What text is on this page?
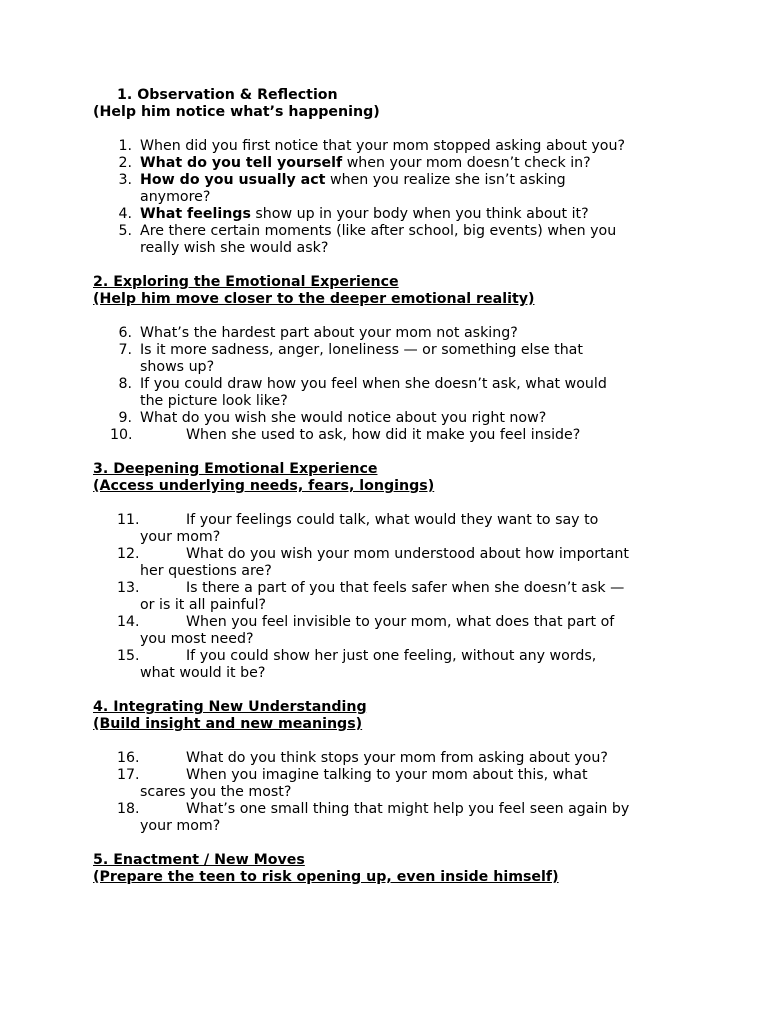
1. Observation & Reflection
(Help him notice what’s happening)
1. When did you first notice that your mom stopped asking about you?
2. What do you tell yourself when your mom doesn’t check in?
3. How do you usually act when you realize she isn’t asking
anymore?
4. What feelings show up in your body when you think about it?
5. Are there certain moments (like after school, big events) when you
really wish she would ask?
2. Exploring the Emotional Experience
(Help him move closer to the deeper emotional reality)
6. What’s the hardest part about your mom not asking?
7. Is it more sadness, anger, loneliness — or something else that
shows up?
8. If you could draw how you feel when she doesn’t ask, what would
the picture look like?
9. What do you wish she would notice about you right now?
10.	When she used to ask, how did it make you feel inside?
3. Deepening Emotional Experience
(Access underlying needs, fears, longings)
11.	If your feelings could talk, what would they want to say to
your mom?
12.	What do you wish your mom understood about how important
her questions are?
13.	Is there a part of you that feels safer when she doesn’t ask —
or is it all painful?
14.	When you feel invisible to your mom, what does that part of
you most need?
15.	If you could show her just one feeling, without any words,
what would it be?
4. Integrating New Understanding
(Build insight and new meanings)
16.	What do you think stops your mom from asking about you?
17.	When you imagine talking to your mom about this, what
scares you the most?
18.	What’s one small thing that might help you feel seen again by
your mom?
5. Enactment / New Moves
(Prepare the teen to risk opening up, even inside himself)
